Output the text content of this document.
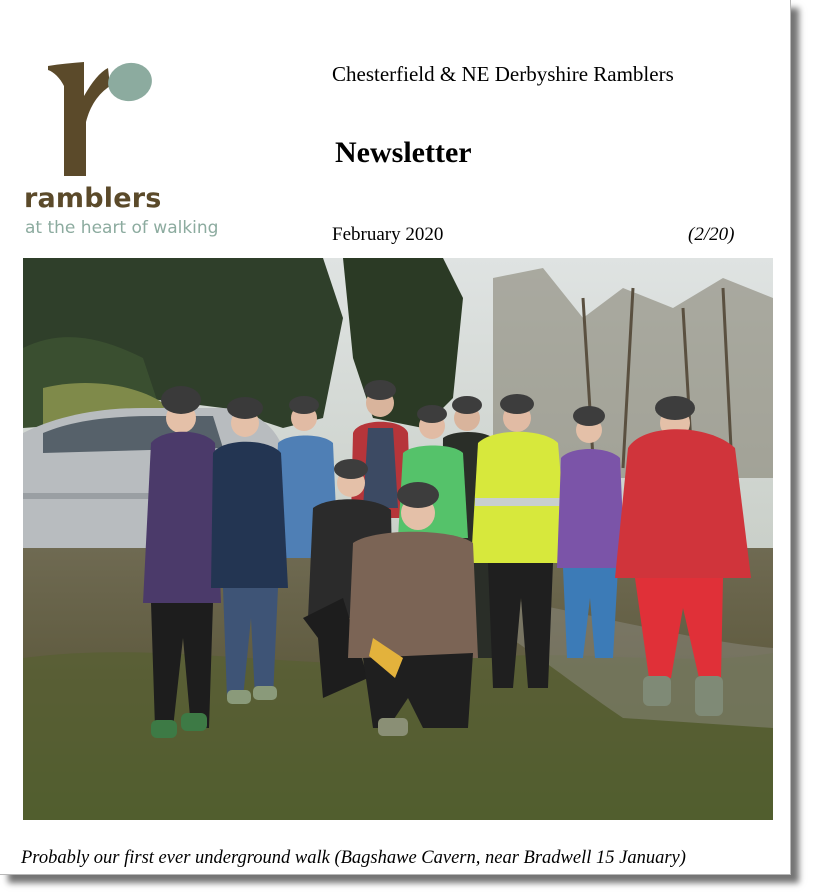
ramblers
at the heart of walking
Chesterfield & NE Derbyshire Ramblers
Newsletter
February 2020	(2/20)
Probably our first ever underground walk (Bagshawe Cavern, near Bradwell 15 January)
